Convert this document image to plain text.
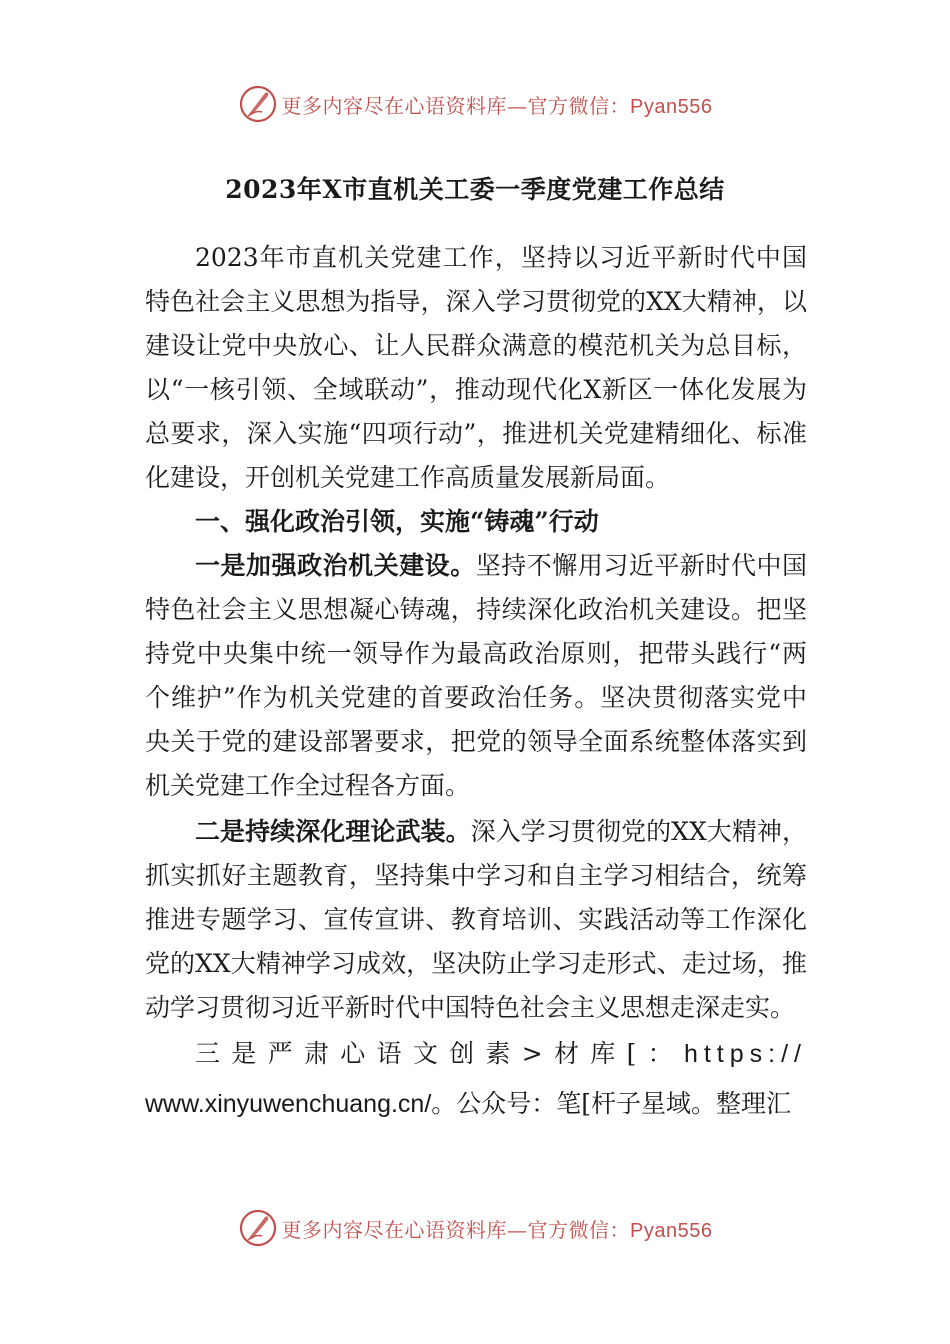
更多内容尽在心语资料库—官方微信：Pyan556
2023年X市直机关工委一季度党建工作总结

2023年市直机关党建工作，坚持以习近平新时代中国特色社会主义思想为指导，深入学习贯彻党的XX大精神，以建设让党中央放心、让人民群众满意的模范机关为总目标，以“一核引领、全域联动”，推动现代化X新区一体化发展为总要求，深入实施“四项行动”，推进机关党建精细化、标准化建设，开创机关党建工作高质量发展新局面。

一、强化政治引领，实施“铸魂”行动

一是加强政治机关建设。坚持不懈用习近平新时代中国特色社会主义思想凝心铸魂，持续深化政治机关建设。把坚持党中央集中统一领导作为最高政治原则，把带头践行“两个维护”作为机关党建的首要政治任务。坚决贯彻落实党中央关于党的建设部署要求，把党的领导全面系统整体落实到机关党建工作全过程各方面。

二是持续深化理论武装。深入学习贯彻党的XX大精神，抓实抓好主题教育，坚持集中学习和自主学习相结合，统筹推进专题学习、宣传宣讲、教育培训、实践活动等工作深化党的XX大精神学习成效，坚决防止学习走形式、走过场，推动学习贯彻习近平新时代中国特色社会主义思想走深走实。

三是严肃心语文创素>材库[：https://

www.xinyuwenchuang.cn/。公众号：笔[杆子星域。整理汇

更多内容尽在心语资料库—官方微信：Pyan556
